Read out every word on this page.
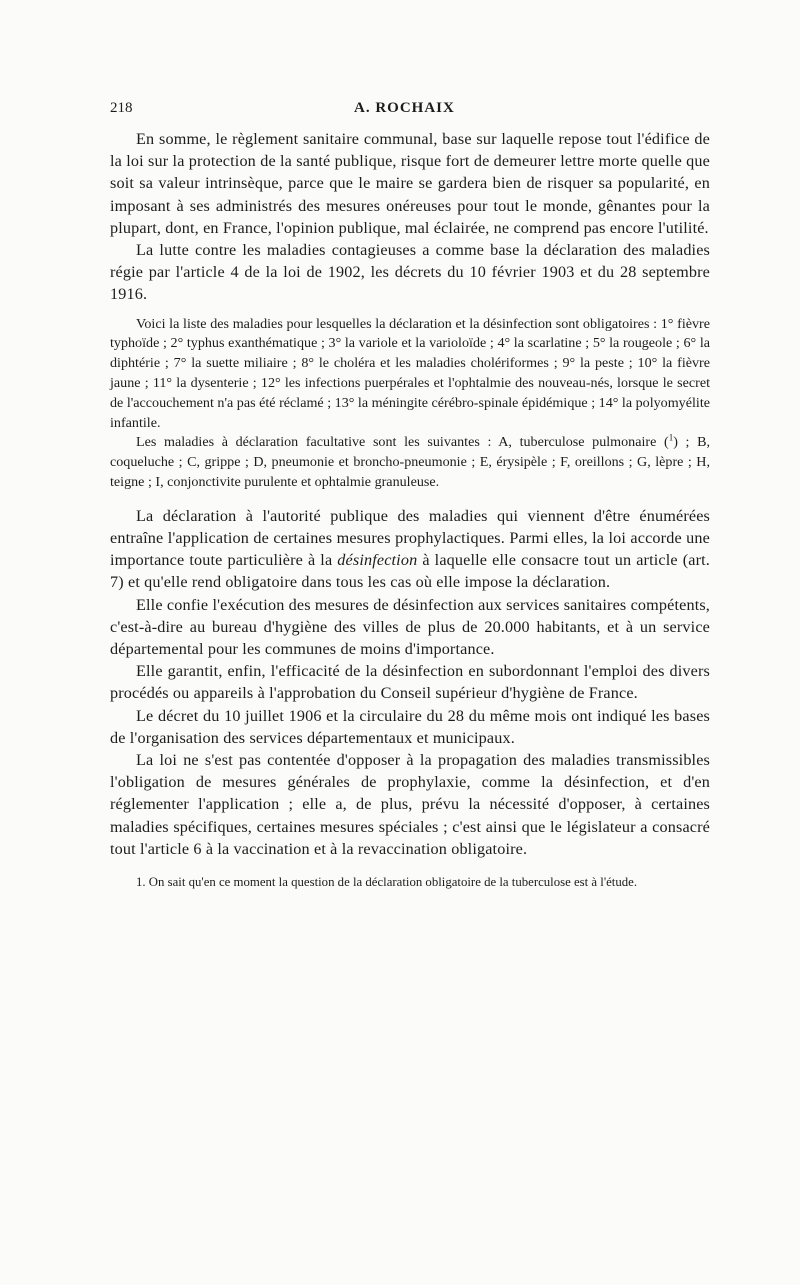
218	A. ROCHAIX

En somme, le règlement sanitaire communal, base sur laquelle repose tout l'édifice de la loi sur la protection de la santé publique, risque fort de demeurer lettre morte quelle que soit sa valeur intrinsèque, parce que le maire se gardera bien de risquer sa popularité, en imposant à ses administrés des mesures onéreuses pour tout le monde, gênantes pour la plupart, dont, en France, l'opinion publique, mal éclairée, ne comprend pas encore l'utilité.

La lutte contre les maladies contagieuses a comme base la déclaration des maladies régie par l'article 4 de la loi de 1902, les décrets du 10 février 1903 et du 28 septembre 1916.

Voici la liste des maladies pour lesquelles la déclaration et la désinfection sont obligatoires : 1° fièvre typhoïde ; 2° typhus exanthématique ; 3° la variole et la varioloïde ; 4° la scarlatine ; 5° la rougeole ; 6° la diphtérie ; 7° la suette miliaire ; 8° le choléra et les maladies cholériformes ; 9° la peste ; 10° la fièvre jaune ; 11° la dysenterie ; 12° les infections puerpérales et l'ophtalmie des nouveau-nés, lorsque le secret de l'accouchement n'a pas été réclamé ; 13° la méningite cérébro-spinale épidémique ; 14° la polyomyélite infantile.

Les maladies à déclaration facultative sont les suivantes : A, tuberculose pulmonaire ($^1$) ; B, coqueluche ; C, grippe ; D, pneumonie et broncho-pneumonie ; E, érysipèle ; F, oreillons ; G, lèpre ; H, teigne ; I, conjonctivite purulente et ophtalmie granuleuse.

La déclaration à l'autorité publique des maladies qui viennent d'être énumérées entraîne l'application de certaines mesures prophylactiques. Parmi elles, la loi accorde une importance toute particulière à la désinfection à laquelle elle consacre tout un article (art. 7) et qu'elle rend obligatoire dans tous les cas où elle impose la déclaration.

Elle confie l'exécution des mesures de désinfection aux services sanitaires compétents, c'est-à-dire au bureau d'hygiène des villes de plus de 20.000 habitants, et à un service départemental pour les communes de moins d'importance.

Elle garantit, enfin, l'efficacité de la désinfection en subordonnant l'emploi des divers procédés ou appareils à l'approbation du Conseil supérieur d'hygiène de France.

Le décret du 10 juillet 1906 et la circulaire du 28 du même mois ont indiqué les bases de l'organisation des services départementaux et municipaux.

La loi ne s'est pas contentée d'opposer à la propagation des maladies transmissibles l'obligation de mesures générales de prophylaxie, comme la désinfection, et d'en réglementer l'application ; elle a, de plus, prévu la nécessité d'opposer, à certaines maladies spécifiques, certaines mesures spéciales ; c'est ainsi que le législateur a consacré tout l'article 6 à la vaccination et à la revaccination obligatoire.

1. On sait qu'en ce moment la question de la déclaration obligatoire de la tuberculose est à l'étude.
